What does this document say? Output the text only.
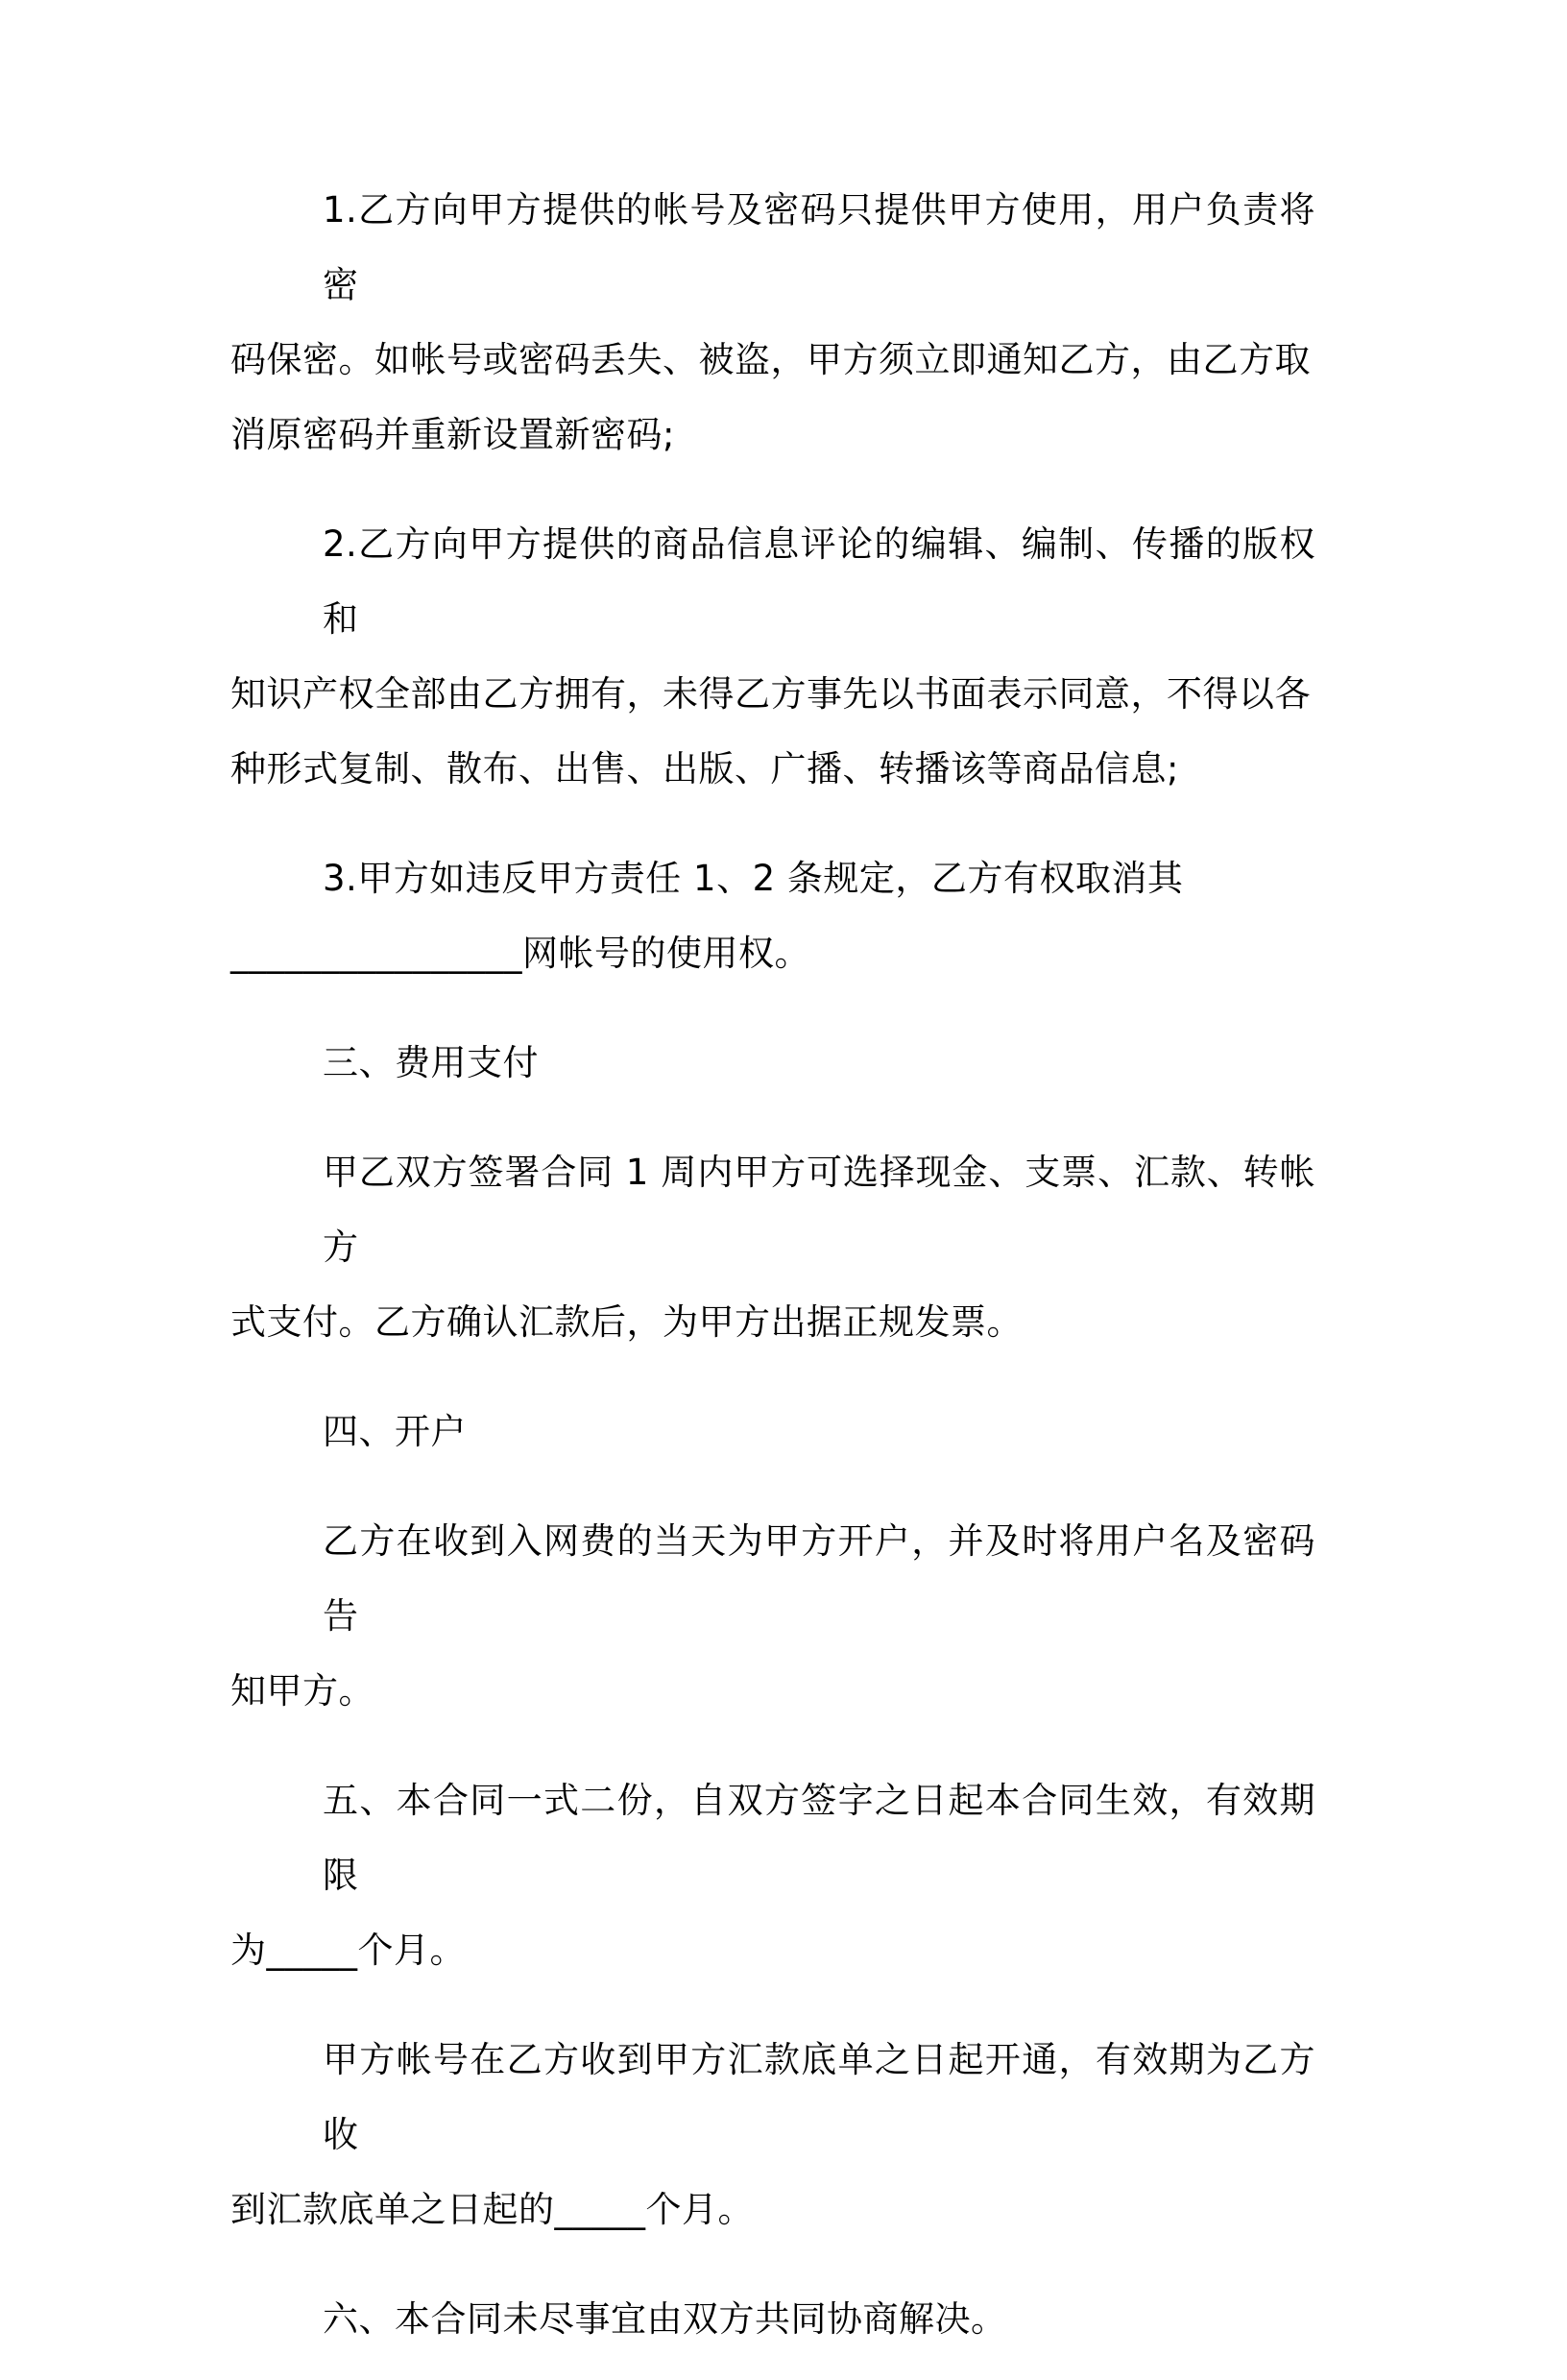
1.乙方向甲方提供的帐号及密码只提供甲方使用，用户负责将密
码保密。如帐号或密码丢失、被盗，甲方须立即通知乙方，由乙方取
消原密码并重新设置新密码;
2.乙方向甲方提供的商品信息评论的编辑、编制、传播的版权和
知识产权全部由乙方拥有，未得乙方事先以书面表示同意，不得以各
种形式复制、散布、出售、出版、广播、转播该等商品信息;
3.甲方如违反甲方责任 1、2 条规定，乙方有权取消其
________________网帐号的使用权。
三、费用支付
甲乙双方签署合同 1 周内甲方可选择现金、支票、汇款、转帐方
式支付。乙方确认汇款后，为甲方出据正规发票。
四、开户
乙方在收到入网费的当天为甲方开户，并及时将用户名及密码告
知甲方。
五、本合同一式二份，自双方签字之日起本合同生效，有效期限
为_____个月。
甲方帐号在乙方收到甲方汇款底单之日起开通，有效期为乙方收
到汇款底单之日起的_____个月。
六、本合同未尽事宜由双方共同协商解决。
